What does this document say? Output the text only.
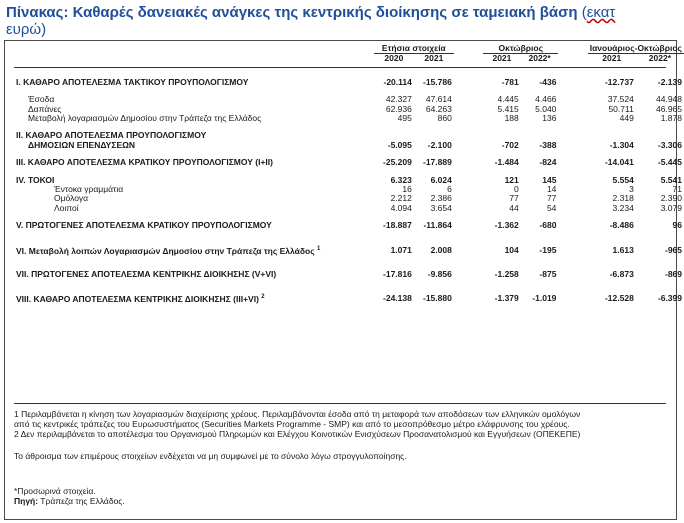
Πίνακας: Καθαρές δανειακές ανάγκες της κεντρικής διοίκησης σε ταμειακή βάση (εκατ
ευρώ)
	Ετήσια στοιχεία			Οκτώβριος			Ιανουάριος-Οκτώβριος	
	2020	2021		2021	2022*		2021	2022*

I. ΚΑΘΑΡΟ ΑΠΟΤΕΛΕΣΜΑ ΤΑΚΤΙΚΟΥ ΠΡΟΥΠΟΛΟΓΙΣΜΟΥ	-20.114	-15.786		-781	-436		-12.737	-2.139

Έσοδα	42.327	47.614		4.445	4.466		37.524	44.948
Δαπάνες	62.936	64.263		5.415	5.040		50.711	46.965
Μεταβολή λογαριασμών Δημοσίου στην Τράπεζα της Ελλάδος	495	860		188	136		449	1.878

II. ΚΑΘΑΡΟ ΑΠΟΤΕΛΕΣΜΑ ΠΡΟΥΠΟΛΟΓΙΣΜΟΥ								
ΔΗΜΟΣΙΩΝ ΕΠΕΝΔΥΣΕΩΝ	-5.095	-2.100		-702	-388		-1.304	-3.306

III. ΚΑΘΑΡΟ ΑΠΟΤΕΛΕΣΜΑ ΚΡΑΤΙΚΟΥ ΠΡΟΥΠΟΛΟΓΙΣΜΟΥ (I+II)	-25.209	-17.889		-1.484	-824		-14.041	-5.445

IV. ΤΟΚΟΙ	6.323	6.024		121	145		5.554	5.541
Έντοκα γραμμάτια	16	6		0	14		3	71
Ομόλογα	2.212	2.386		77	77		2.318	2.390
Λοιποί	4.094	3.654		44	54		3.234	3.079

V. ΠΡΩΤΟΓΕΝΕΣ ΑΠΟΤΕΛΕΣΜΑ ΚΡΑΤΙΚΟΥ ΠΡΟΥΠΟΛΟΓΙΣΜΟΥ	-18.887	-11.864		-1.362	-680		-8.486	96

VI. Μεταβολή λοιπών Λογαριασμών Δημοσίου στην Τράπεζα της Ελλάδος $^1$	1.071	2.008		104	-195		1.613	-965

VII. ΠΡΩΤΟΓΕΝΕΣ ΑΠΟΤΕΛΕΣΜΑ ΚΕΝΤΡΙΚΗΣ ΔΙΟΙΚΗΣΗΣ (V+VI)	-17.816	-9.856		-1.258	-875		-6.873	-869

VIII. ΚΑΘΑΡΟ ΑΠΟΤΕΛΕΣΜΑ ΚΕΝΤΡΙΚΗΣ ΔΙΟΙΚΗΣΗΣ (III+VI) $^2$	-24.138	-15.880		-1.379	-1.019		-12.528	-6.399

1 Περιλαμβάνεται η κίνηση των λογαριασμών διαχείρισης χρέους. Περιλαμβάνονται έσοδα από τη μεταφορά των αποδόσεων των ελληνικών ομολόγων

από τις κεντρικές τράπεζες του Ευρωσυστήματος (Securities Markets Programme - SMP) και από το μεσοπρόθεσμο μέτρο ελάφρυνσης του χρέους.

2 Δεν περιλαμβάνεται το αποτέλεσμα του Οργανισμού Πληρωμών και Ελέγχου Κοινοτικών Ενισχύσεων Προσανατολισμού και Εγγυήσεων (ΟΠΕΚΕΠΕ)

Το άθροισμα των επιμέρους στοιχείων ενδέχεται να μη συμφωνεί με το σύνολο λόγω στρογγυλοποίησης.

*Προσωρινά στοιχεία.
Πηγή: Τράπεζα της Ελλάδος.
